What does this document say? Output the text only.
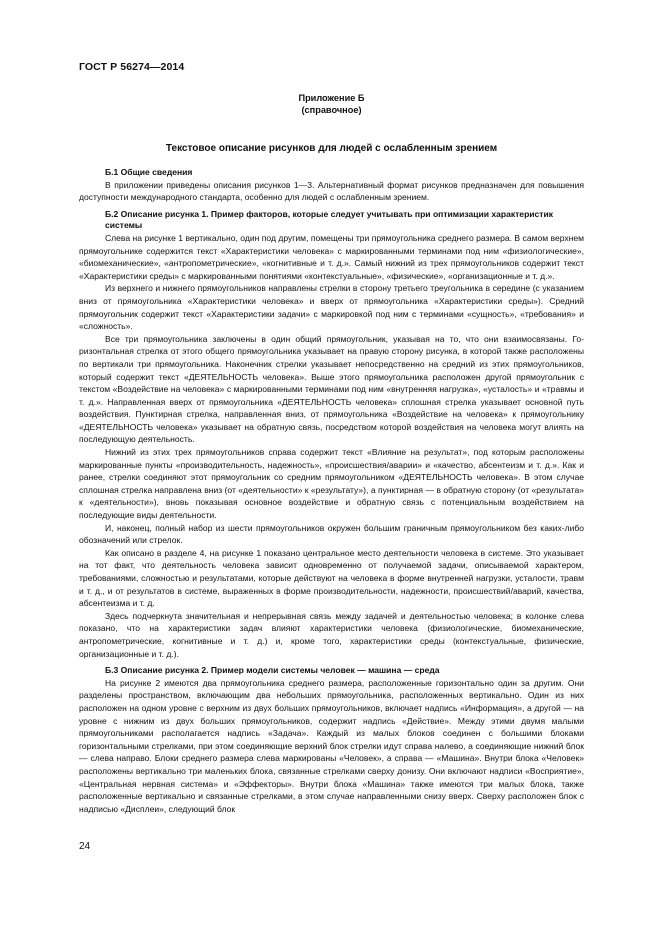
ГОСТ Р 56274—2014
Приложение Б
(справочное)
Текстовое описание рисунков для людей с ослабленным зрением
Б.1 Общие сведения

В приложении приведены описания рисунков 1—3. Альтернативный формат рисунков предназначен для повышения доступности международного стандарта, особенно для людей с ослабленным зрением.

Б.2 Описание рисунка 1. Пример факторов, которые следует учитывать при оптимизации характеристик системы

Слева на рисунке 1 вертикально, один под другим, помещены три прямоугольника среднего размера. В самом верхнем прямоугольнике содержится текст «Характеристики человека» с маркированными терминами под ним «физиологические», «биомеханические», «антропометрические», «когнитивные и т. д.». Самый нижний из трех прямоугольников содержит текст «Характеристики среды» с маркированными понятиями «контекстуальные», «физические», «организационные и т. д.».

Из верхнего и нижнего прямоугольников направлены стрелки в сторону третьего треугольника в середине (с указанием вниз от прямоугольника «Характеристики человека» и вверх от прямоугольника «Характеристики среды»). Средний прямоугольник содержит текст «Характеристики задачи» с маркировкой под ним с терминами «сущность», «требования» и «сложность».

Все три прямоугольника заключены в один общий прямоугольник, указывая на то, что они взаимосвязаны. Горизонтальная стрелка от этого общего прямоугольника указывает на правую сторону рисунка, в которой также расположены по вертикали три прямоугольника. Наконечник стрелки указывает непосредственно на средний из этих прямоугольников, который содержит текст «ДЕЯТЕЛЬНОСТЬ человека». Выше этого прямоугольника расположен другой прямоугольник с текстом «Воздействие на человека» с маркированными терминами под ним «внутренняя нагрузка», «усталость» и «травмы и т. д.». Направленная вверх от прямоугольника «ДЕЯТЕЛЬНОСТЬ человека» сплошная стрелка указывает основной путь воздействия. Пунктирная стрелка, направленная вниз, от прямоугольника «Воздействие на человека» к прямоугольнику «ДЕЯТЕЛЬНОСТЬ человека» указывает на обратную связь, посредством которой воздействия на человека могут влиять на последующую деятельность.

Нижний из этих трех прямоугольников справа содержит текст «Влияние на результат», под которым расположены маркированные пункты «производительность, надежность», «происшествия/аварии» и «качество, абсентеизм и т. д.». Как и ранее, стрелки соединяют этот прямоугольник со средним прямоугольником «ДЕЯТЕЛЬНОСТЬ человека». В этом случае сплошная стрелка направлена вниз (от «деятельности» к «результату»), а пунктирная — в обратную сторону (от «результата» к «деятельности»), вновь показывая основное воздействие и обратную связь с потенциальным воздействием на последующие виды деятельности.

И, наконец, полный набор из шести прямоугольников окружен большим граничным прямоугольником без каких-либо обозначений или стрелок.

Как описано в разделе 4, на рисунке 1 показано центральное место деятельности человека в системе. Это указывает на тот факт, что деятельность человека зависит одновременно от получаемой задачи, описываемой характером, требованиями, сложностью и результатами, которые действуют на человека в форме внутренней нагрузки, усталости, травм и т. д., и от результатов в системе, выраженных в форме производительности, надежности, происшествий/аварий, качества, абсентеизма и т. д.

Здесь подчеркнута значительная и непрерывная связь между задачей и деятельностью человека; в колонке слева показано, что на характеристики задач влияют характеристики человека (физиологические, биомеханические, антропометрические, когнитивные и т. д.) и, кроме того, характеристики среды (контекстуальные, физические, организационные и т. д.).

Б.3 Описание рисунка 2. Пример модели системы человек — машина — среда

На рисунке 2 имеются два прямоугольника среднего размера, расположенные горизонтально один за другим. Они разделены пространством, включающим два небольших прямоугольника, расположенных вертикально. Один из них расположен на одном уровне с верхним из двух больших прямоугольников, включает надпись «Информация», а другой — на уровне с нижним из двух больших прямоугольников, содержит надпись «Действие». Между этими двумя малыми прямоугольниками располагается надпись «Задача». Каждый из малых блоков соединен с большими блоками горизонтальными стрелками, при этом соединяющие верхний блок стрелки идут справа налево, а соединяющие нижний блок — слева направо. Блоки среднего размера слева маркированы «Человек», а справа — «Машина». Внутри блока «Человек» расположены вертикально три маленьких блока, связанные стрелками сверху донизу. Они включают надписи «Восприятие», «Центральная нервная система» и «Эффекторы». Внутри блока «Машина» также имеются три малых блока, также расположенные вертикально и связанные стрелками, в этом случае направленными снизу вверх. Сверху расположен блок с надписью «Дисплеи», следующий блок

24
